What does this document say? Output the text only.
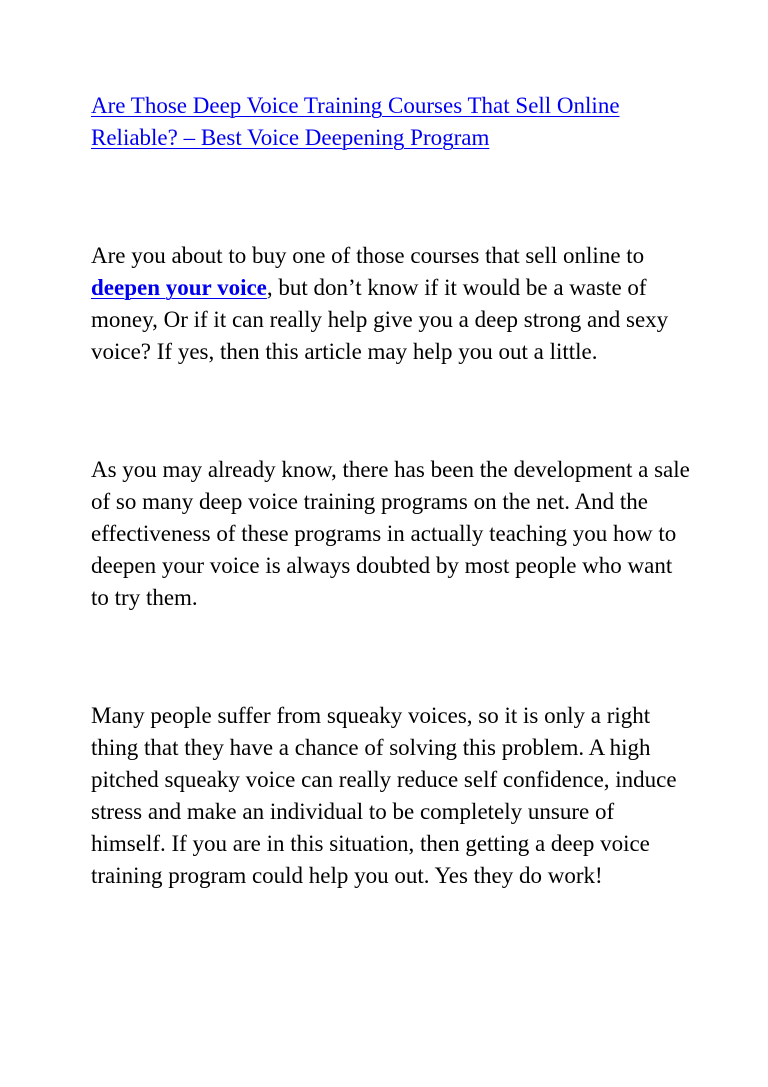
Are Those Deep Voice Training Courses That Sell Online Reliable? – Best Voice Deepening Program

Are you about to buy one of those courses that sell online to deepen your voice, but don’t know if it would be a waste of money, Or if it can really help give you a deep strong and sexy voice? If yes, then this article may help you out a little.

As you may already know, there has been the development a sale of so many deep voice training programs on the net. And the effectiveness of these programs in actually teaching you how to deepen your voice is always doubted by most people who want to try them.

Many people suffer from squeaky voices, so it is only a right thing that they have a chance of solving this problem. A high pitched squeaky voice can really reduce self confidence, induce stress and make an individual to be completely unsure of himself. If you are in this situation, then getting a deep voice training program could help you out. Yes they do work!
